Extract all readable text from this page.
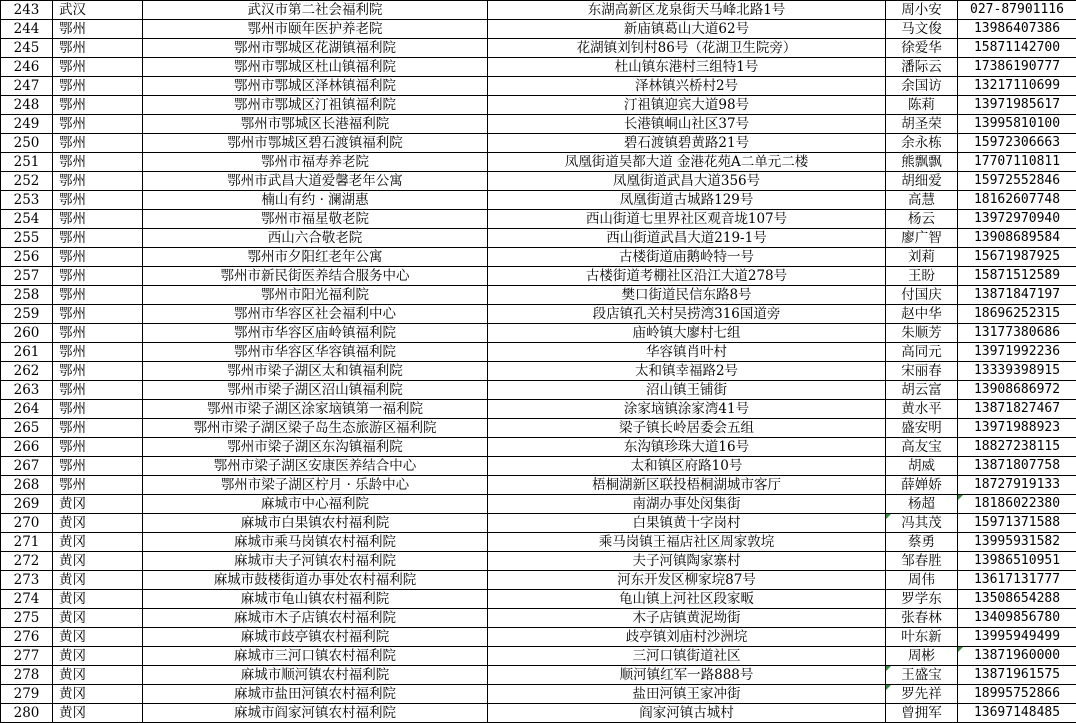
243	武汉	武汉市第二社会福利院	东湖高新区龙泉街天马峰北路1号	周小安	027-87901116
244	鄂州	鄂州市颐年医护养老院	新庙镇葛山大道62号	马文俊	13986407386
245	鄂州	鄂州市鄂城区花湖镇福利院	花湖镇刘钊村86号（花湖卫生院旁）	徐爱华	15871142700
246	鄂州	鄂州市鄂城区杜山镇福利院	杜山镇东港村三组特1号	潘际云	17386190777
247	鄂州	鄂州市鄂城区泽林镇福利院	泽林镇兴桥村2号	余国访	13217110699
248	鄂州	鄂州市鄂城区汀祖镇福利院	汀祖镇迎宾大道98号	陈莉	13971985617
249	鄂州	鄂州市鄂城区长港福利院	长港镇峒山社区37号	胡圣荣	13995810100
250	鄂州	鄂州市鄂城区碧石渡镇福利院	碧石渡镇碧黄路21号	余永栋	15972306663
251	鄂州	鄂州市福寿养老院	凤凰街道吴都大道 金港花苑A二单元二楼	熊飘飘	17707110811
252	鄂州	鄂州市武昌大道爱馨老年公寓	凤凰街道武昌大道356号	胡细爱	15972552846
253	鄂州	楠山有约 · 澜湖惠	凤凰街道古城路129号	高慧	18162607748
254	鄂州	鄂州市福星敬老院	西山街道七里界社区观音垅107号	杨云	13972970940
255	鄂州	西山六合敬老院	西山街道武昌大道219-1号	廖广智	13908689584
256	鄂州	鄂州市夕阳红老年公寓	古楼街道庙鹅岭特一号	刘莉	15671987925
257	鄂州	鄂州市新民街医养结合服务中心	古楼街道考棚社区沿江大道278号	王盼	15871512589
258	鄂州	鄂州市阳光福利院	樊口街道民信东路8号	付国庆	13871847197
259	鄂州	鄂州市华容区社会福利中心	段店镇孔关村吴捞湾316国道旁	赵中华	18696252315
260	鄂州	鄂州市华容区庙岭镇福利院	庙岭镇大廖村七组	朱顺芳	13177380686
261	鄂州	鄂州市华容区华容镇福利院	华容镇肖叶村	高同元	13971992236
262	鄂州	鄂州市梁子湖区太和镇福利院	太和镇幸福路2号	宋丽春	13339398915
263	鄂州	鄂州市梁子湖区沼山镇福利院	沼山镇王铺街	胡云富	13908686972
264	鄂州	鄂州市梁子湖区涂家垴镇第一福利院	涂家垴镇涂家湾41号	黄水平	13871827467
265	鄂州	鄂州市梁子湖区梁子岛生态旅游区福利院	梁子镇长岭居委会五组	盛安明	13971988923
266	鄂州	鄂州市梁子湖区东沟镇福利院	东沟镇珍珠大道16号	高友宝	18827238115
267	鄂州	鄂州市梁子湖区安康医养结合中心	太和镇区府路10号	胡威	13871807758
268	鄂州	鄂州市梁子湖区柠月 · 乐龄中心	梧桐湖新区联投梧桐湖城市客厅	薛婵娇	18727919133
269	黄冈	麻城市中心福利院	南湖办事处闵集街	杨超	18186022380
270	黄冈	麻城市白果镇农村福利院	白果镇黄十字岗村	冯其茂	15971371588
271	黄冈	麻城市乘马岗镇农村福利院	乘马岗镇王福店社区周家敦垸	蔡勇	13995931582
272	黄冈	麻城市夫子河镇农村福利院	夫子河镇陶家寨村	邹春胜	13986510951
273	黄冈	麻城市鼓楼街道办事处农村福利院	河东开发区柳家垸87号	周伟	13617131777
274	黄冈	麻城市龟山镇农村福利院	龟山镇上河社区段家畈	罗学东	13508654288
275	黄冈	麻城市木子店镇农村福利院	木子店镇黄泥坳街	张春林	13409856780
276	黄冈	麻城市歧亭镇农村福利院	歧亭镇刘庙村沙洲垸	叶东新	13995949499
277	黄冈	麻城市三河口镇农村福利院	三河口镇街道社区	周彬	13871960000
278	黄冈	麻城市顺河镇农村福利院	顺河镇红军一路888号	王盛宝	13871961575
279	黄冈	麻城市盐田河镇农村福利院	盐田河镇王家冲街	罗先祥	18995752866
280	黄冈	麻城市阎家河镇农村福利院	阎家河镇古城村	曾拥军	13697148485
